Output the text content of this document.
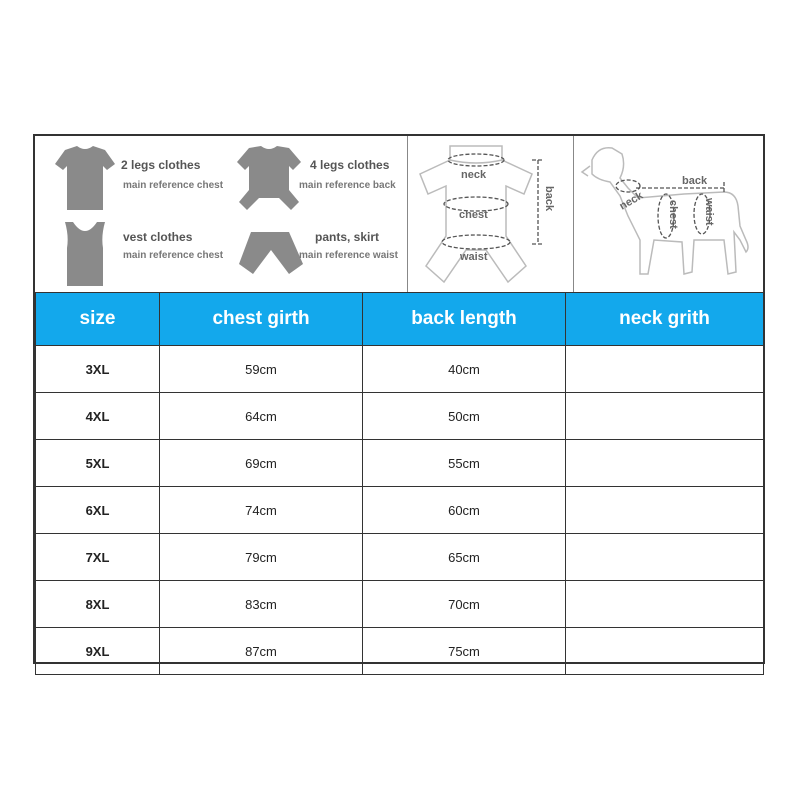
2 legs clothes
main reference chest
4 legs clothes
main reference back
vest clothes
main reference chest
pants, skirt
main reference waist
neck
chest
waist
back	neck chest waist
back
size	chest girth	back length	neck grith
3XL	59cm	40cm	
4XL	64cm	50cm	
5XL	69cm	55cm	
6XL	74cm	60cm	
7XL	79cm	65cm	
8XL	83cm	70cm	
9XL	87cm	75cm	
